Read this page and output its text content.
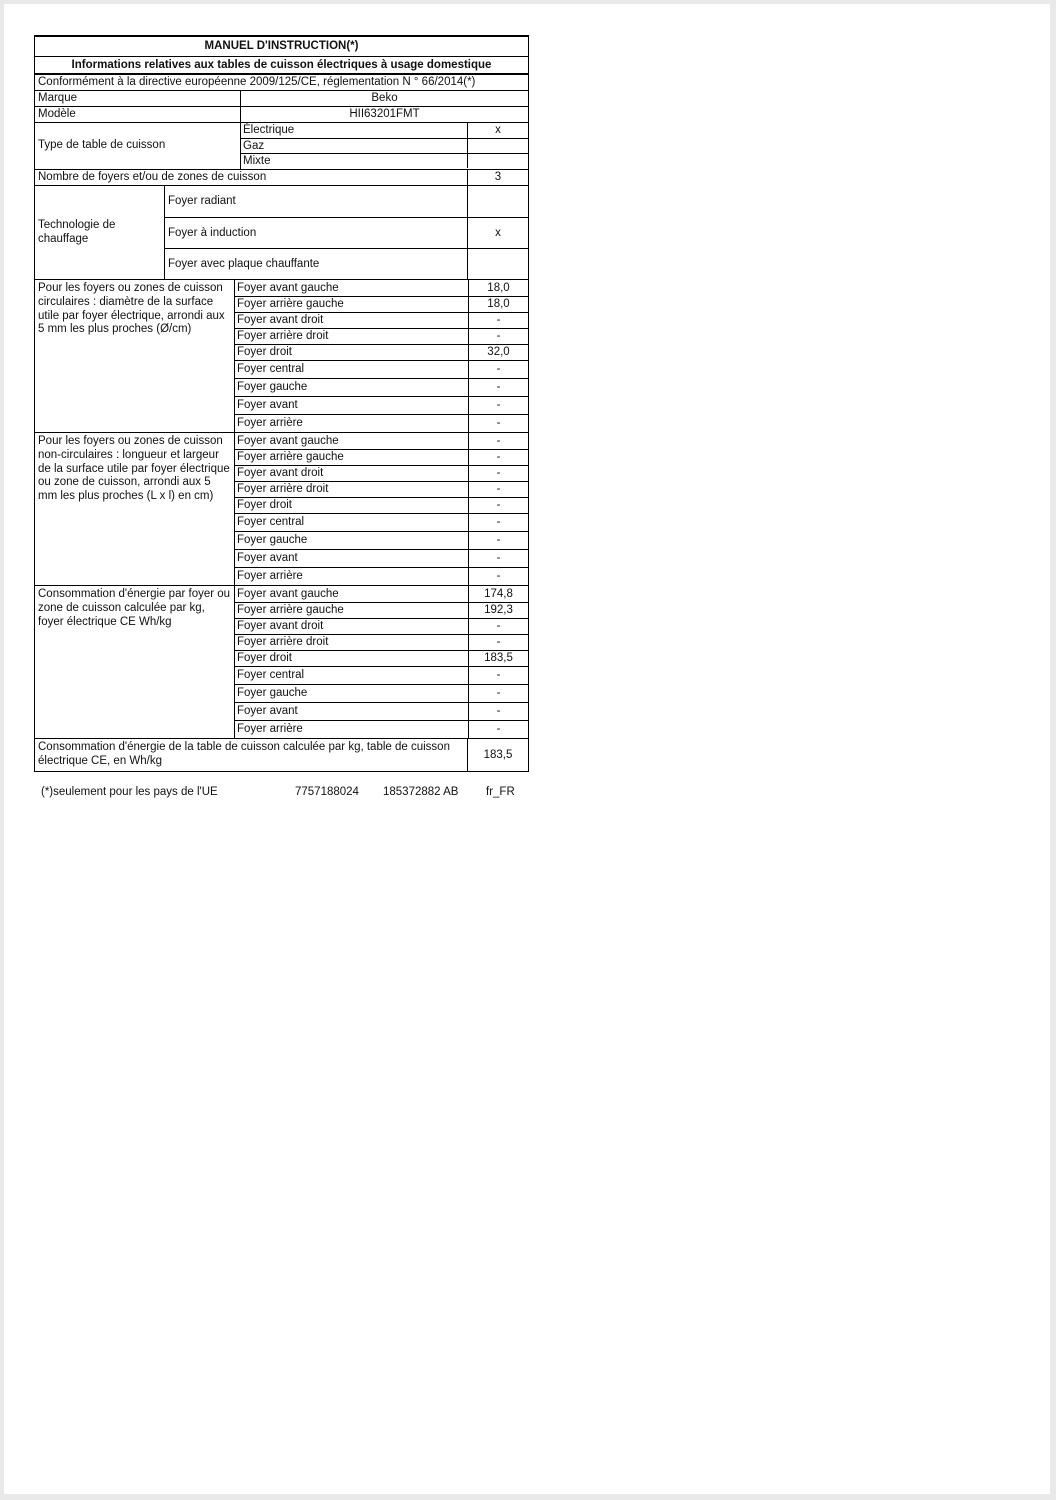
MANUEL D'INSTRUCTION(*)
Informations relatives aux tables de cuisson électriques à usage domestique
Conformément à la directive européenne 2009/125/CE, réglementation N ° 66/2014(*)
Marque	Beko
Modèle	HII63201FMT
Type de table de cuisson
Électrique	x
Gaz
Mixte
Nombre de foyers et/ou de zones de cuisson	3
Technologie de chauffage
Foyer radiant
Foyer à induction	x
Foyer avec plaque chauffante
Pour les foyers ou zones de cuisson circulaires : diamètre de la surface utile par foyer électrique, arrondi aux 5 mm les plus proches (Ø/cm)
Foyer avant gauche	18,0
Foyer arrière gauche	18,0
Foyer avant droit	-
Foyer arrière droit	-
Foyer droit	32,0
Foyer central	-
Foyer gauche	-
Foyer avant	-
Foyer arrière	-
Pour les foyers ou zones de cuisson non-circulaires : longueur et largeur de la surface utile par foyer électrique ou zone de cuisson, arrondi aux 5 mm les plus proches (L x l) en cm)
Foyer avant gauche	-
Foyer arrière gauche	-
Foyer avant droit	-
Foyer arrière droit	-
Foyer droit	-
Foyer central	-
Foyer gauche	-
Foyer avant	-
Foyer arrière	-
Consommation d'énergie par foyer ou zone de cuisson calculée par kg, foyer électrique CE Wh/kg
Foyer avant gauche	174,8
Foyer arrière gauche	192,3
Foyer avant droit	-
Foyer arrière droit	-
Foyer droit	183,5
Foyer central	-
Foyer gauche	-
Foyer avant	-
Foyer arrière	-
Consommation d'énergie de la table de cuisson calculée par kg, table de cuisson électrique CE, en Wh/kg
183,5
(*)seulement pour les pays de l'UE	7757188024 185372882 AB fr_FR
